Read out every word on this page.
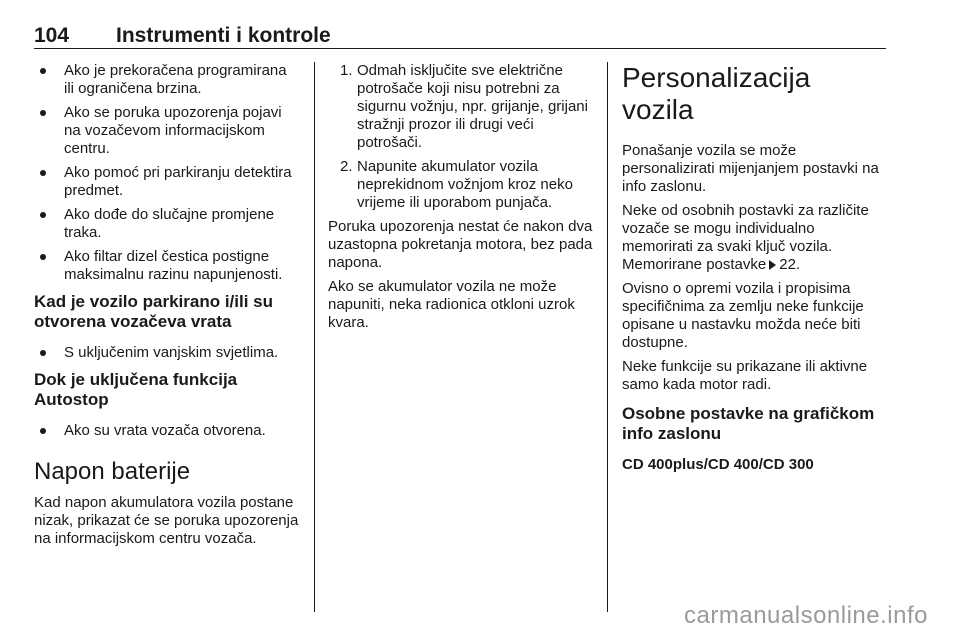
104 Instrumenti i kontrole
Ako je prekoračena programirana ili ograničena brzina.
Ako se poruka upozorenja pojavi na vozačevom informacijskom centru.
Ako pomoć pri parkiranju detektira predmet.
Ako dođe do slučajne promjene traka.
Ako filtar dizel čestica postigne maksimalnu razinu napunjenosti.
Kad je vozilo parkirano i/ili su otvorena vozačeva vrata
S uključenim vanjskim svjetlima.
Dok je uključena funkcija Autostop
Ako su vrata vozača otvorena.
Napon baterije

Kad napon akumulatora vozila postane nizak, prikazat će se poruka upozorenja na informacijskom centru vozača.

1. Odmah isključite sve električne potrošače koji nisu potrebni za sigurnu vožnju, npr. grijanje, grijani stražnji prozor ili drugi veći potrošači.
2. Napunite akumulator vozila neprekidnom vožnjom kroz neko vrijeme ili uporabom punjača.

Poruka upozorenja nestat će nakon dva uzastopna pokretanja motora, bez pada napona.

Ako se akumulator vozila ne može napuniti, neka radionica otkloni uzrok kvara.

Personalizacija vozila

Ponašanje vozila se može personalizirati mijenjanjem postavki na info zaslonu.

Neke od osobnih postavki za različite vozače se mogu individualno memorirati za svaki ključ vozila. Memorirane postavke 22.

Ovisno o opremi vozila i propisima specifičnima za zemlju neke funkcije opisane u nastavku možda neće biti dostupne.

Neke funkcije su prikazane ili aktivne samo kada motor radi.

Osobne postavke na grafičkom info zaslonu
CD 400plus/CD 400/CD 300
carmanualsonline.info
